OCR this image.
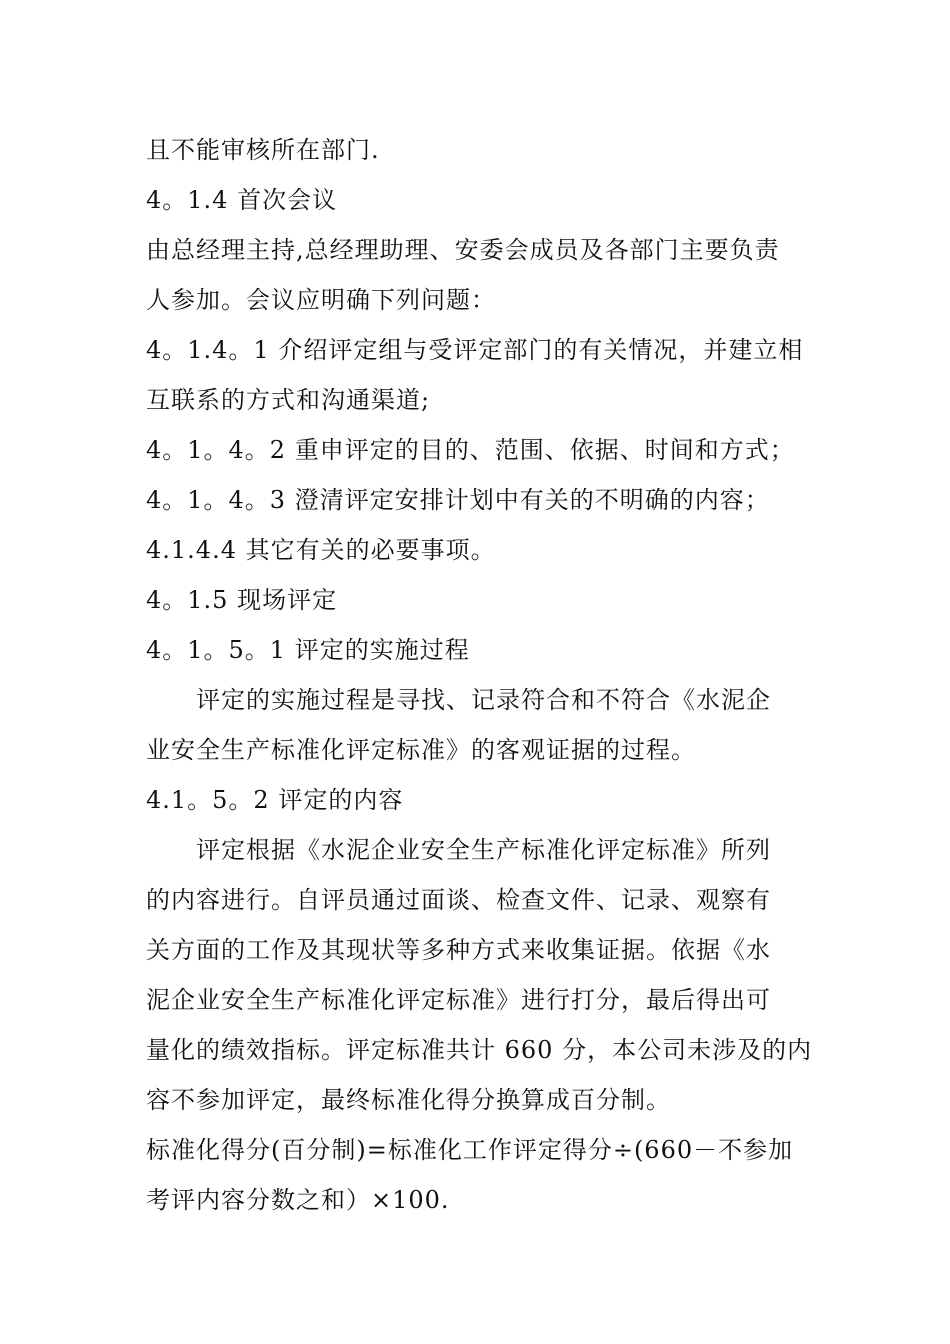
且不能审核所在部门.

4。1.4 首次会议

由总经理主持,总经理助理、安委会成员及各部门主要负责

人参加。会议应明确下列问题：

4。1.4。1 介绍评定组与受评定部门的有关情况，并建立相

互联系的方式和沟通渠道;

4。1。4。2 重申评定的目的、范围、依据、时间和方式；

4。1。4。3 澄清评定安排计划中有关的不明确的内容；

4.1.4.4 其它有关的必要事项。

4。1.5 现场评定

4。1。5。1 评定的实施过程

评定的实施过程是寻找、记录符合和不符合《水泥企

业安全生产标准化评定标准》的客观证据的过程。

4.1。5。2 评定的内容

评定根据《水泥企业安全生产标准化评定标准》所列

的内容进行。自评员通过面谈、检查文件、记录、观察有

关方面的工作及其现状等多种方式来收集证据。依据《水

泥企业安全生产标准化评定标准》进行打分，最后得出可

量化的绩效指标。评定标准共计 660 分，本公司未涉及的内

容不参加评定，最终标准化得分换算成百分制。

标准化得分(百分制)=标准化工作评定得分÷(660－不参加

考评内容分数之和）×100.
